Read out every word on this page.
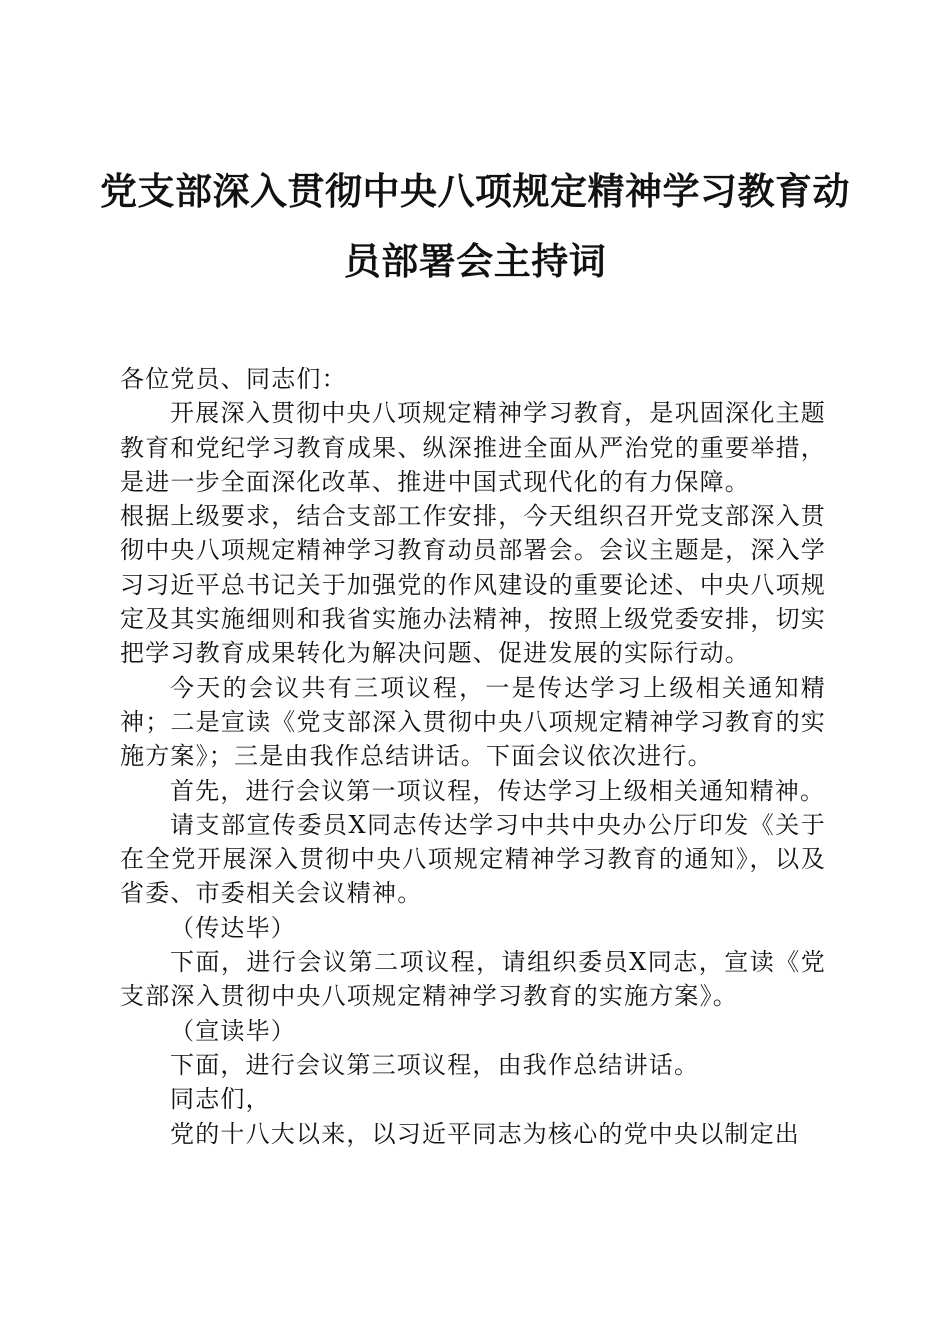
党支部深入贯彻中央八项规定精神学习教育动
员部署会主持词

各位党员、同志们：

开展深入贯彻中央八项规定精神学习教育，是巩固深化主题教育和党纪学习教育成果、纵深推进全面从严治党的重要举措，是进一步全面深化改革、推进中国式现代化的有力保障。

根据上级要求，结合支部工作安排，今天组织召开党支部深入贯彻中央八项规定精神学习教育动员部署会。会议主题是，深入学习习近平总书记关于加强党的作风建设的重要论述、中央八项规定及其实施细则和我省实施办法精神，按照上级党委安排，切实把学习教育成果转化为解决问题、促进发展的实际行动。

今天的会议共有三项议程，一是传达学习上级相关通知精神；二是宣读《党支部深入贯彻中央八项规定精神学习教育的实施方案》；三是由我作总结讲话。下面会议依次进行。

首先，进行会议第一项议程，传达学习上级相关通知精神。

请支部宣传委员X同志传达学习中共中央办公厅印发《关于在全党开展深入贯彻中央八项规定精神学习教育的通知》，以及省委、市委相关会议精神。

（传达毕）

下面，进行会议第二项议程，请组织委员X同志，宣读《党支部深入贯彻中央八项规定精神学习教育的实施方案》。

（宣读毕）

下面，进行会议第三项议程，由我作总结讲话。

同志们，

党的十八大以来，以习近平同志为核心的党中央以制定出
